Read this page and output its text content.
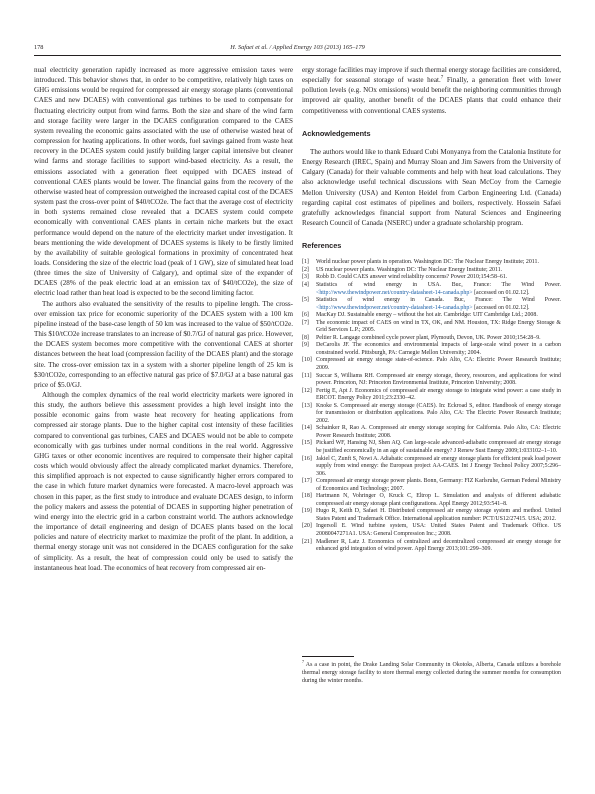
178	H. Safaei et al. / Applied Energy 103 (2013) 165–179

nual electricity generation rapidly increased as more aggressive emission taxes were introduced. This behavior shows that, in order to be competitive, relatively high taxes on GHG emissions would be required for compressed air energy storage plants (conventional CAES and new DCAES) with conventional gas turbines to be used to compensate for fluctuating electricity output from wind farms. Both the size and share of the wind farm and storage facility were larger in the DCAES configuration compared to the CAES system revealing the economic gains associated with the use of otherwise wasted heat of compression for heating applications. In other words, fuel savings gained from waste heat recovery in the DCAES system could justify building larger capital intensive but cleaner wind farms and storage facilities to support wind-based electricity. As a result, the emissions associated with a generation fleet equipped with DCAES instead of conventional CAES plants would be lower. The financial gains from the recovery of the otherwise wasted heat of compression outweighed the increased capital cost of the DCAES system past the cross-over point of $40/tCO2e. The fact that the average cost of electricity in both systems remained close revealed that a DCAES system could compete economically with conventional CAES plants in certain niche markets but the exact performance would depend on the nature of the electricity market under investigation. It bears mentioning the wide development of DCAES systems is likely to be firstly limited by the availability of suitable geological formations in proximity of concentrated heat loads. Considering the size of the electric load (peak of 1 GW), size of simulated heat load (three times the size of University of Calgary), and optimal size of the expander of DCAES (28% of the peak electric load at an emission tax of $40/tCO2e), the size of electric load rather than heat load is expected to be the second limiting factor.

The authors also evaluated the sensitivity of the results to pipeline length. The cross-over emission tax price for economic superiority of the DCAES system with a 100 km pipeline instead of the base-case length of 50 km was increased to the value of $50/tCO2e. This $10/tCO2e increase translates to an increase of $0.7/GJ of natural gas price. However, the DCAES system becomes more competitive with the conventional CAES at shorter distances between the heat load (compression facility of the DCAES plant) and the storage site. The cross-over emission tax in a system with a shorter pipeline length of 25 km is $30/tCO2e, corresponding to an effective natural gas price of $7.0/GJ at a base natural gas price of $5.0/GJ.

Although the complex dynamics of the real world electricity markets were ignored in this study, the authors believe this assessment provides a high level insight into the possible economic gains from waste heat recovery for heating applications from compressed air storage plants. Due to the higher capital cost intensity of these facilities compared to conventional gas turbines, CAES and DCAES would not be able to compete economically with gas turbines under normal conditions in the real world. Aggressive GHG taxes or other economic incentives are required to compensate their higher capital costs which would obviously affect the already complicated market dynamics. Therefore, this simplified approach is not expected to cause significantly higher errors compared to the case in which future market dynamics were forecasted. A macro-level approach was chosen in this paper, as the first study to introduce and evaluate DCAES design, to inform the policy makers and assess the potential of DCAES in supporting higher penetration of wind energy into the electric grid in a carbon constraint world. The authors acknowledge the importance of detail engineering and design of DCAES plants based on the local policies and nature of electricity market to maximize the profit of the plant. In addition, a thermal energy storage unit was not considered in the DCAES configuration for the sake of simplicity. As a result, the heat of compression could only be used to satisfy the instantaneous heat load. The economics of heat recovery from compressed air en-

ergy storage facilities may improve if such thermal energy storage facilities are considered, especially for seasonal storage of waste heat.$^7$ Finally, a generation fleet with lower pollution levels (e.g. NOx emissions) would benefit the neighboring communities through improved air quality, another benefit of the DCAES plants that could enhance their competitiveness with conventional CAES systems.

Acknowledgements

The authors would like to thank Eduard Cubi Monyanya from the Catalonia Institute for Energy Research (IREC, Spain) and Murray Sloan and Jim Sawers from the University of Calgary (Canada) for their valuable comments and help with heat load calculations. They also acknowledge useful technical discussions with Sean McCoy from the Carnegie Mellon University (USA) and Kenton Heidel from Carbon Engineering Ltd. (Canada) regarding capital cost estimates of pipelines and boilers, respectively. Hossein Safaei gratefully acknowledges financial support from Natural Sciences and Engineering Research Council of Canada (NSERC) under a graduate scholarship program.

References
[1] World nuclear power plants in operation. Washington DC: The Nuclear Energy Institute; 2011.
[2] US nuclear power plants. Washington DC: The Nuclear Energy Institute; 2011.
[3] Robb D. Could CAES answer wind reliability concerns? Power 2010;154:58–61.
[4] Statistics of wind energy in USA. Buc, France: The Wind Power. <http://www.thewindpower.net/country-datasheet-14-canada.php> [accessed on 01.02.12].
[5] Statistics of wind energy in Canada. Buc, France: The Wind Power. <http://www.thewindpower.net/country-datasheet-14-canada.php> [accessed on 01.02.12].
[6] MacKay DJ. Sustainable energy – without the hot air. Cambridge: UIT Cambridge Ltd.; 2008.
[7] The economic impact of CAES on wind in TX, OK, and NM. Houston, TX: Ridge Energy Storage & Grid Services L.P.; 2005.
[8] Peltier R. Langage combined cycle power plant, Plymouth, Devon, UK. Power 2010;154:28–9.
[9] DeCarolis JF. The economics and environmental impacts of large-scale wind power in a carbon constrained world. Pittsburgh, PA: Carnegie Mellon University; 2004.
[10] Compressed air energy storage state-of-science. Palo Alto, CA: Electric Power Research Institute; 2009.
[11] Succar S, Williams RH. Compressed air energy storage, theory, resources, and applications for wind power. Princeton, NJ: Princeton Environmental Institute, Princeton University; 2008.
[12] Fertig E, Apt J. Economics of compressed air energy storage to integrate wind power: a case study in ERCOT. Energy Policy 2011;23:2330–42.
[13] Knoke S. Compressed air energy storage (CAES). In: Eckroad S, editor. Handbook of energy storage for transmission or distribution applications. Palo Alto, CA: The Electric Power Research Institute; 2002.
[14] Schainker R, Rao A. Compressed air energy storage scoping for California. Palo Alto, CA: Electric Power Research Institute; 2008.
[15] Pickard WF, Hansing NJ, Shen AQ. Can large-scale advanced-adiabatic compressed air energy storage be justified economically in an age of sustainable energy? J Renew Sust Energy 2009;1:033102–1–10.
[16] Jakiel C, Zunft S, Nowi A. Adiabatic compressed air energy storage plants for efficient peak load power supply from wind energy: the European project AA-CAES. Int J Energy Technol Policy 2007;5:296–306.
[17] Compressed air energy storage power plants. Bonn, Germany: FIZ Karlsruhe, German Federal Ministry of Economics and Technology; 2007.
[18] Hartmann N, Vohringer O, Kruck C, Eltrop L. Simulation and analysis of different adiabatic compressed air energy storage plant configurations. Appl Energy 2012;93:541–8.
[19] Hugo R, Keith D, Safaei H. Distributed compressed air energy storage system and method. United States Patent and Trademark Office. International application number: PCT/US12/27415. USA; 2012.
[20] Ingersoll E. Wind turbine system, USA: United States Patent and Trademark Office. US 20080047271A1. USA: General Compression Inc.; 2008.
[21] Madlener R, Latz J. Economics of centralized and decentralized compressed air energy storage for enhanced grid integration of wind power. Appl Energy 2013;101:299–309.
$^7$ As a case in point, the Drake Landing Solar Community in Okotoks, Alberta, Canada utilizes a borehole thermal energy storage facility to store thermal energy collected during the summer months for consumption during the winter months.
